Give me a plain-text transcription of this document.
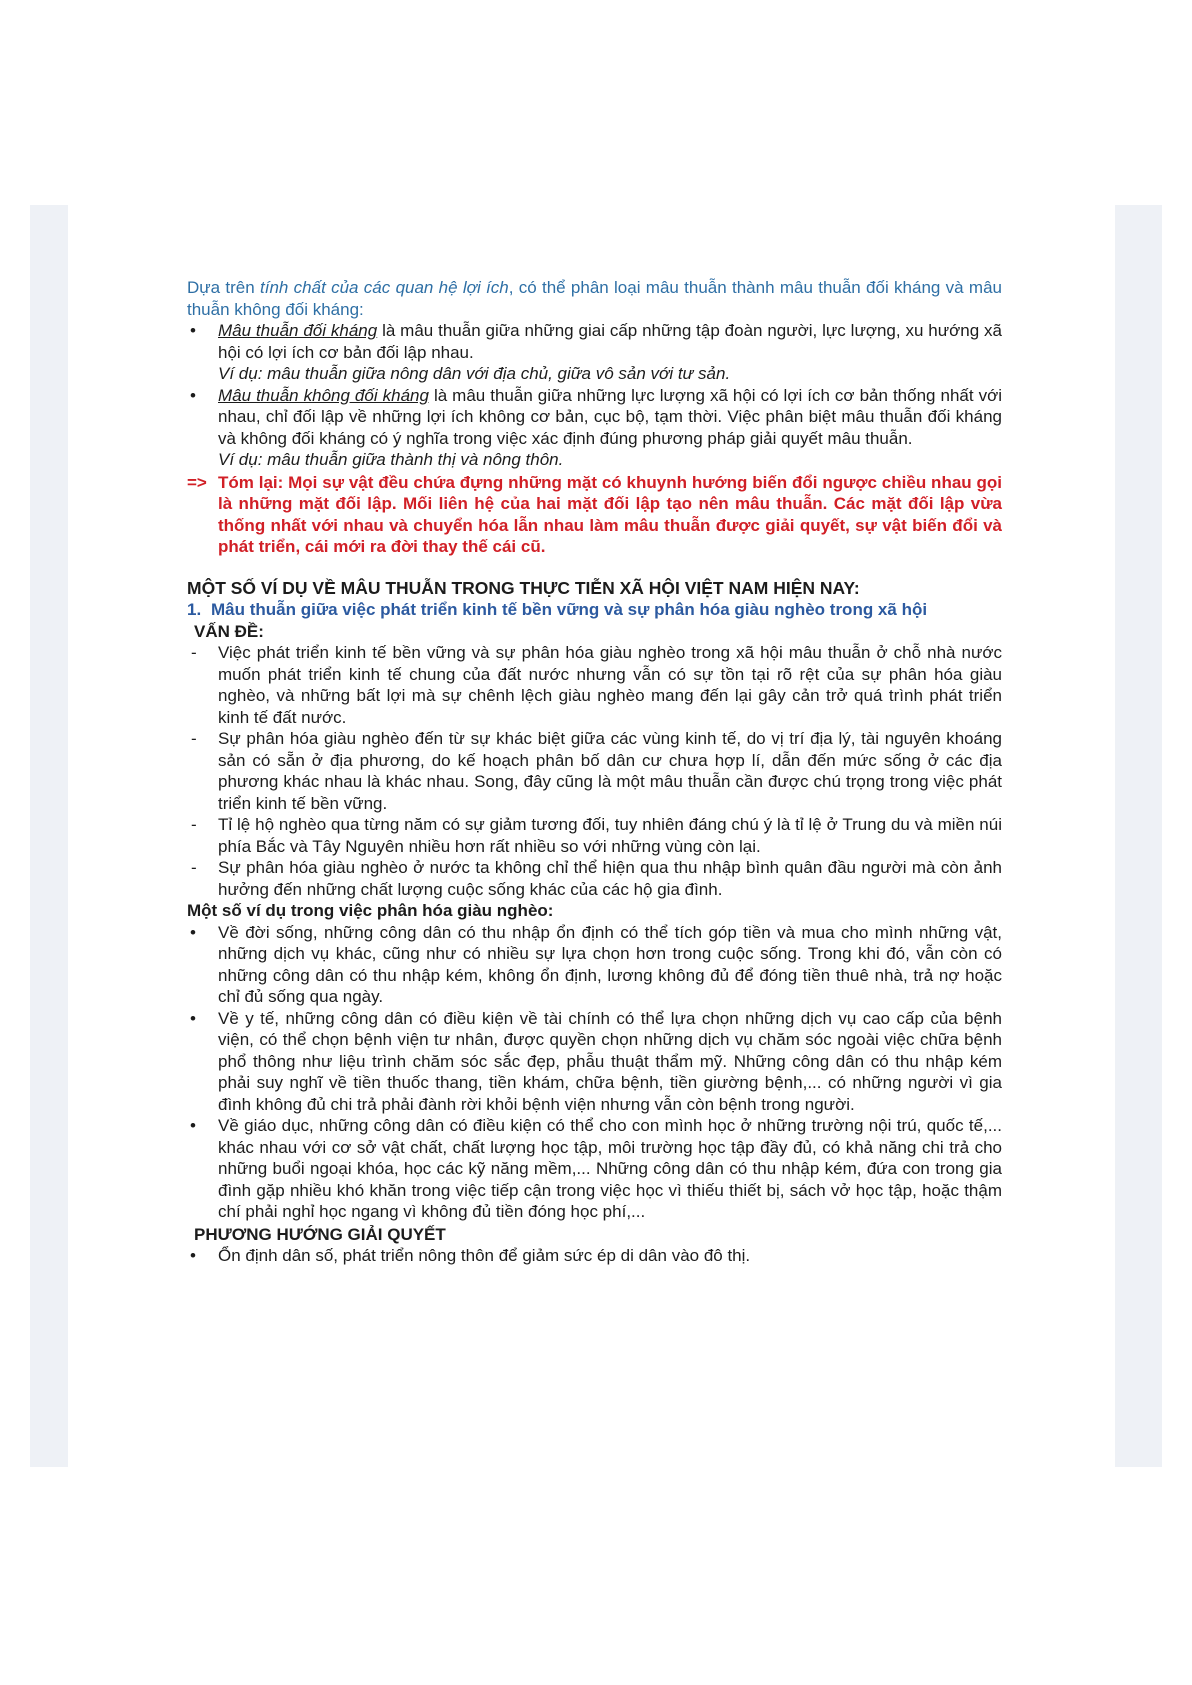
Dựa trên tính chất của các quan hệ lợi ích, có thể phân loại mâu thuẫn thành mâu thuẫn đối kháng và mâu thuẫn không đối kháng:
• Mâu thuẫn đối kháng là mâu thuẫn giữa những giai cấp những tập đoàn người, lực lượng, xu hướng xã hội có lợi ích cơ bản đối lập nhau.
Ví dụ: mâu thuẫn giữa nông dân với địa chủ, giữa vô sản với tư sản.
• Mâu thuẫn không đối kháng là mâu thuẫn giữa những lực lượng xã hội có lợi ích cơ bản thống nhất với nhau, chỉ đối lập về những lợi ích không cơ bản, cục bộ, tạm thời. Việc phân biệt mâu thuẫn đối kháng và không đối kháng có ý nghĩa trong việc xác định đúng phương pháp giải quyết mâu thuẫn.
Ví dụ: mâu thuẫn giữa thành thị và nông thôn.
=> Tóm lại: Mọi sự vật đều chứa đựng những mặt có khuynh hướng biến đổi ngược chiều nhau gọi là những mặt đối lập. Mối liên hệ của hai mặt đối lập tạo nên mâu thuẫn. Các mặt đối lập vừa thống nhất với nhau và chuyển hóa lẫn nhau làm mâu thuẫn được giải quyết, sự vật biến đổi và phát triển, cái mới ra đời thay thế cái cũ.
MỘT SỐ VÍ DỤ VỀ MÂU THUẪN TRONG THỰC TIỄN XÃ HỘI VIỆT NAM HIỆN NAY:
1. Mâu thuẫn giữa việc phát triển kinh tế bền vững và sự phân hóa giàu nghèo trong xã hội
VẤN ĐỀ:
- Việc phát triển kinh tế bền vững và sự phân hóa giàu nghèo trong xã hội mâu thuẫn ở chỗ nhà nước muốn phát triển kinh tế chung của đất nước nhưng vẫn có sự tồn tại rõ rệt của sự phân hóa giàu nghèo, và những bất lợi mà sự chênh lệch giàu nghèo mang đến lại gây cản trở quá trình phát triển kinh tế đất nước.
- Sự phân hóa giàu nghèo đến từ sự khác biệt giữa các vùng kinh tế, do vị trí địa lý, tài nguyên khoáng sản có sẵn ở địa phương, do kế hoạch phân bố dân cư chưa hợp lí, dẫn đến mức sống ở các địa phương khác nhau là khác nhau. Song, đây cũng là một mâu thuẫn cần được chú trọng trong việc phát triển kinh tế bền vững.
- Tỉ lệ hộ nghèo qua từng năm có sự giảm tương đối, tuy nhiên đáng chú ý là tỉ lệ ở Trung du và miền núi phía Bắc và Tây Nguyên nhiều hơn rất nhiều so với những vùng còn lại.
- Sự phân hóa giàu nghèo ở nước ta không chỉ thể hiện qua thu nhập bình quân đầu người mà còn ảnh hưởng đến những chất lượng cuộc sống khác của các hộ gia đình.
Một số ví dụ trong việc phân hóa giàu nghèo:
• Về đời sống, những công dân có thu nhập ổn định có thể tích góp tiền và mua cho mình những vật, những dịch vụ khác, cũng như có nhiều sự lựa chọn hơn trong cuộc sống. Trong khi đó, vẫn còn có những công dân có thu nhập kém, không ổn định, lương không đủ để đóng tiền thuê nhà, trả nợ hoặc chỉ đủ sống qua ngày.
• Về y tế, những công dân có điều kiện về tài chính có thể lựa chọn những dịch vụ cao cấp của bệnh viện, có thể chọn bệnh viện tư nhân, được quyền chọn những dịch vụ chăm sóc ngoài việc chữa bệnh phổ thông như liệu trình chăm sóc sắc đẹp, phẫu thuật thẩm mỹ. Những công dân có thu nhập kém phải suy nghĩ về tiền thuốc thang, tiền khám, chữa bệnh, tiền giường bệnh,... có những người vì gia đình không đủ chi trả phải đành rời khỏi bệnh viện nhưng vẫn còn bệnh trong người.
• Về giáo dục, những công dân có điều kiện có thể cho con mình học ở những trường nội trú, quốc tế,... khác nhau với cơ sở vật chất, chất lượng học tập, môi trường học tập đầy đủ, có khả năng chi trả cho những buổi ngoại khóa, học các kỹ năng mềm,... Những công dân có thu nhập kém, đứa con trong gia đình gặp nhiều khó khăn trong việc tiếp cận trong việc học vì thiếu thiết bị, sách vở học tập, hoặc thậm chí phải nghỉ học ngang vì không đủ tiền đóng học phí,...
PHƯƠNG HƯỚNG GIẢI QUYẾT
• Ổn định dân số, phát triển nông thôn để giảm sức ép di dân vào đô thị.
